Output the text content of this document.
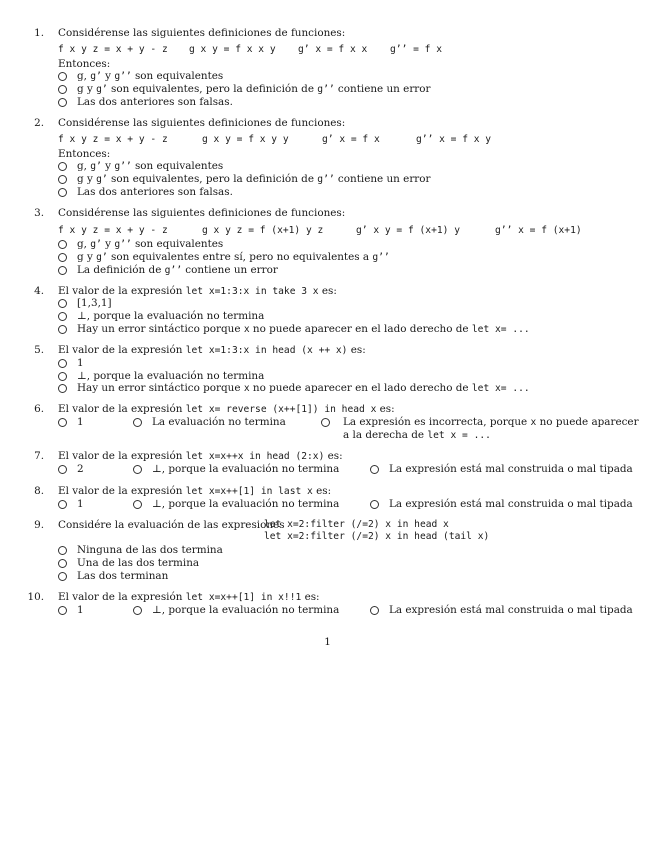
1. Considérense las siguientes definiciones de funciones:
f x y z = x + y - z g x y = f x x y g’ x = f x x g’’ = f x
Entonces:
g, g’ y g’’ son equivalentes
g y g’ son equivalentes, pero la definición de g’’ contiene un error
Las dos anteriores son falsas.
2. Considérense las siguientes definiciones de funciones:
f x y z = x + y - z	g x y = f x y y	g’ x = f x	g’’ x = f x y
Entonces:
g, g’ y g’’ son equivalentes
g y g’ son equivalentes, pero la definición de g’’ contiene un error
Las dos anteriores son falsas.
3. Considérense las siguientes definiciones de funciones:
f x y z = x + y - z	g x y z = f (x+1) y z	g’ x y = f (x+1) y	g’’ x = f (x+1)
g, g’ y g’’ son equivalentes
g y g’ son equivalentes entre sí, pero no equivalentes a g’’
La definición de g’’ contiene un error
4. El valor de la expresión let x=1:3:x in take 3 x es:
[1,3,1]
⊥, porque la evaluación no termina
Hay un error sintáctico porque x no puede aparecer en el lado derecho de let x= ...
5. El valor de la expresión let x=1:3:x in head (x ++ x) es:
1
⊥, porque la evaluación no termina
Hay un error sintáctico porque x no puede aparecer en el lado derecho de let x= ...
6. El valor de la expresión let x= reverse (x++[1]) in head x es:
1	La evaluación no termina	La expresión es incorrecta, porque x no puede aparecer
a la derecha de let x = ...
7. El valor de la expresión let x=x++x in head (2:x) es:
2	⊥, porque la evaluación no termina	La expresión está mal construida o mal tipada
8. El valor de la expresión let x=x++[1] in last x es:
1	⊥, porque la evaluación no termina	La expresión está mal construida o mal tipada
9. Considére la evaluación de las expresiones
let x=2:filter (/=2) x in head x
let x=2:filter (/=2) x in head (tail x)
Ninguna de las dos termina
Una de las dos termina
Las dos terminan
10. El valor de la expresión let x=x++[1] in x!!1 es:
1	⊥, porque la evaluación no termina	La expresión está mal construida o mal tipada
1
